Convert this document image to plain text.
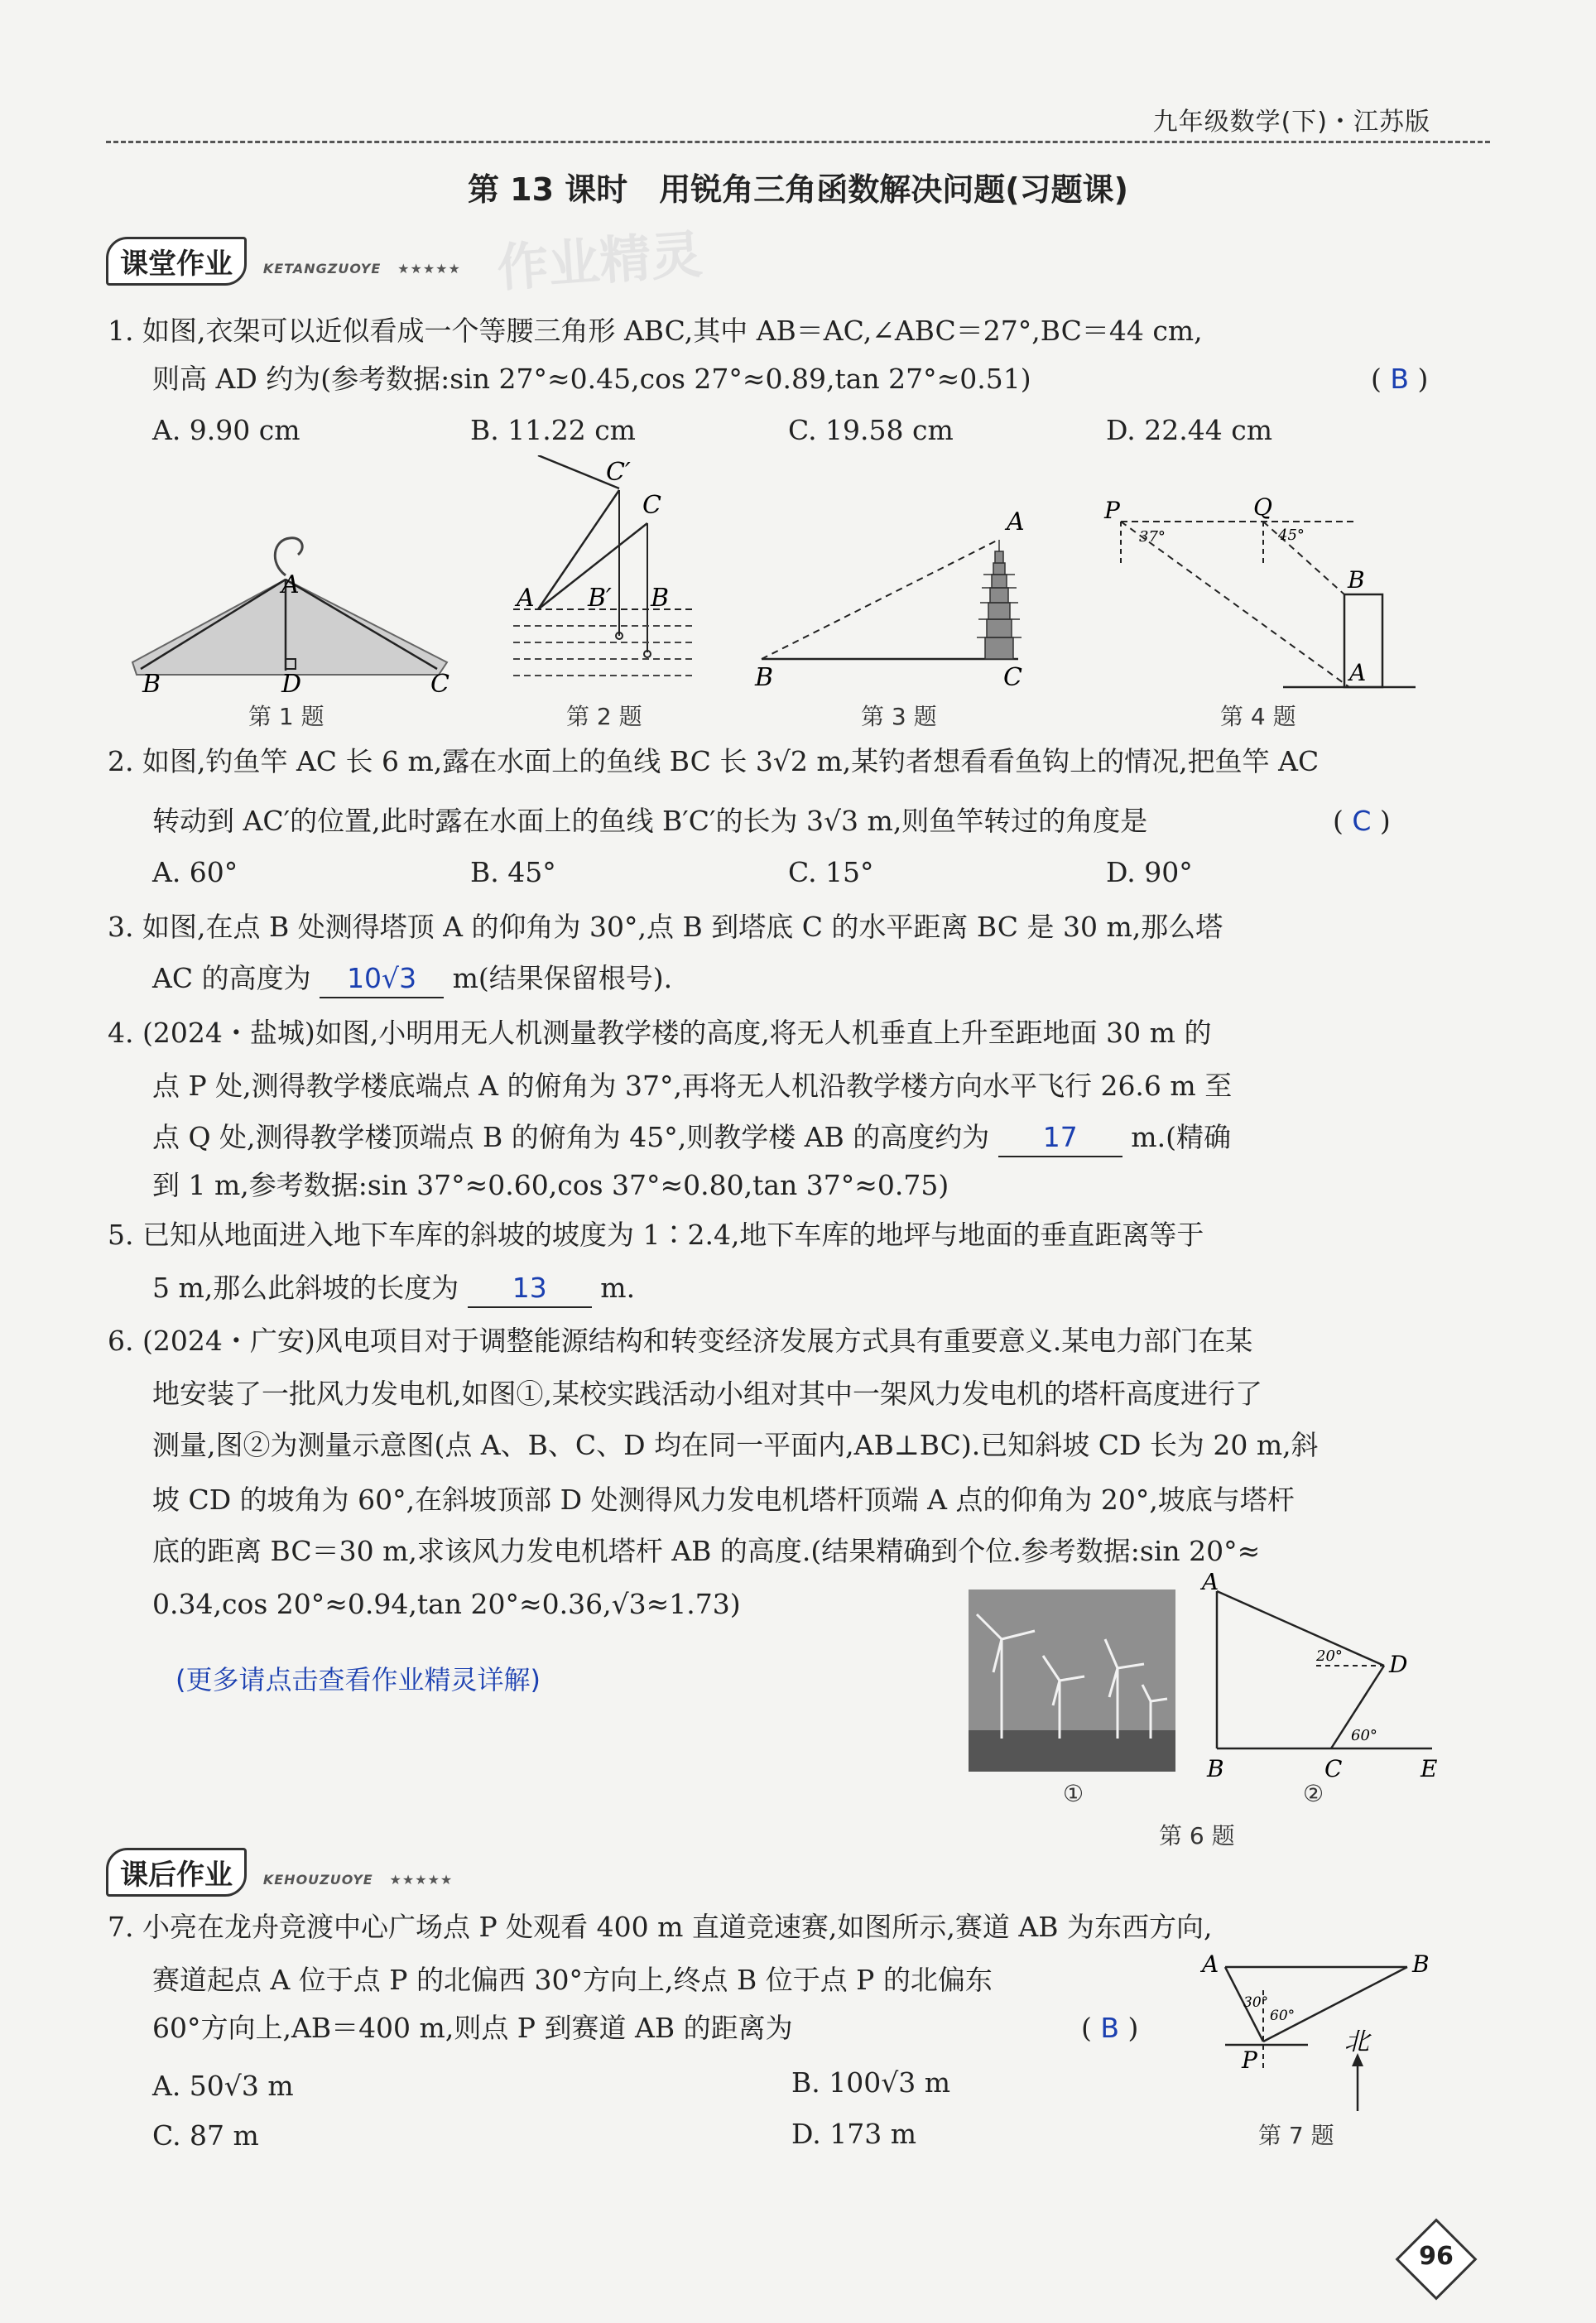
九年级数学(下)・江苏版
第 13 课时　用锐角三角函数解决问题(习题课)
课堂作业 KETANGZUOYE ★★★★★ 作业精灵
1. 如图,衣架可以近似看成一个等腰三角形 ABC,其中 AB＝AC,∠ABC＝27°,BC＝44 cm,
则高 AD 约为(参考数据:sin 27°≈0.45,cos 27°≈0.89,tan 27°≈0.51)	( B )
A. 9.90 cm	B. 11.22 cm	C. 19.58 cm	D. 22.44 cm
A
B	D	C
第 1 题
C′
C
A B′ B
第 2 题
A
B	C
第 3 题
P	Q
37°	45°
B
A
第 4 题
2. 如图,钓鱼竿 AC 长 6 m,露在水面上的鱼线 BC 长 3√2 m,某钓者想看看鱼钩上的情况,把鱼竿 AC
转动到 AC′的位置,此时露在水面上的鱼线 B′C′的长为 3√3 m,则鱼竿转过的角度是	( C )
A. 60°	B. 45°	C. 15°	D. 90°
3. 如图,在点 B 处测得塔顶 A 的仰角为 30°,点 B 到塔底 C 的水平距离 BC 是 30 m,那么塔
AC 的高度为 10√3 m(结果保留根号).
4. (2024・盐城)如图,小明用无人机测量教学楼的高度,将无人机垂直上升至距地面 30 m 的
点 P 处,测得教学楼底端点 A 的俯角为 37°,再将无人机沿教学楼方向水平飞行 26.6 m 至
点 Q 处,测得教学楼顶端点 B 的俯角为 45°,则教学楼 AB 的高度约为 17 m.(精确
到 1 m,参考数据:sin 37°≈0.60,cos 37°≈0.80,tan 37°≈0.75)
5. 已知从地面进入地下车库的斜坡的坡度为 1∶2.4,地下车库的地坪与地面的垂直距离等于
5 m,那么此斜坡的长度为 13 m.
6. (2024・广安)风电项目对于调整能源结构和转变经济发展方式具有重要意义.某电力部门在某
地安装了一批风力发电机,如图①,某校实践活动小组对其中一架风力发电机的塔杆高度进行了
测量,图②为测量示意图(点 A、B、C、D 均在同一平面内,AB⊥BC).已知斜坡 CD 长为 20 m,斜
坡 CD 的坡角为 60°,在斜坡顶部 D 处测得风力发电机塔杆顶端 A 点的仰角为 20°,坡底与塔杆
底的距离 BC＝30 m,求该风力发电机塔杆 AB 的高度.(结果精确到个位.参考数据:sin 20°≈
0.34,cos 20°≈0.94,tan 20°≈0.36,√3≈1.73)
(更多请点击查看作业精灵详解)
①
A
D
20°
60°
B	C	E
②
第 6 题
课后作业 KEHOUZUOYE ★★★★★
7. 小亮在龙舟竞渡中心广场点 P 处观看 400 m 直道竞速赛,如图所示,赛道 AB 为东西方向,
赛道起点 A 位于点 P 的北偏西 30°方向上,终点 B 位于点 P 的北偏东
60°方向上,AB＝400 m,则点 P 到赛道 AB 的距离为	( B )
A. 50√3 m	B. 100√3 m
C. 87 m	D. 173 m
A	B
30°
60°
P
北
第 7 题
96
